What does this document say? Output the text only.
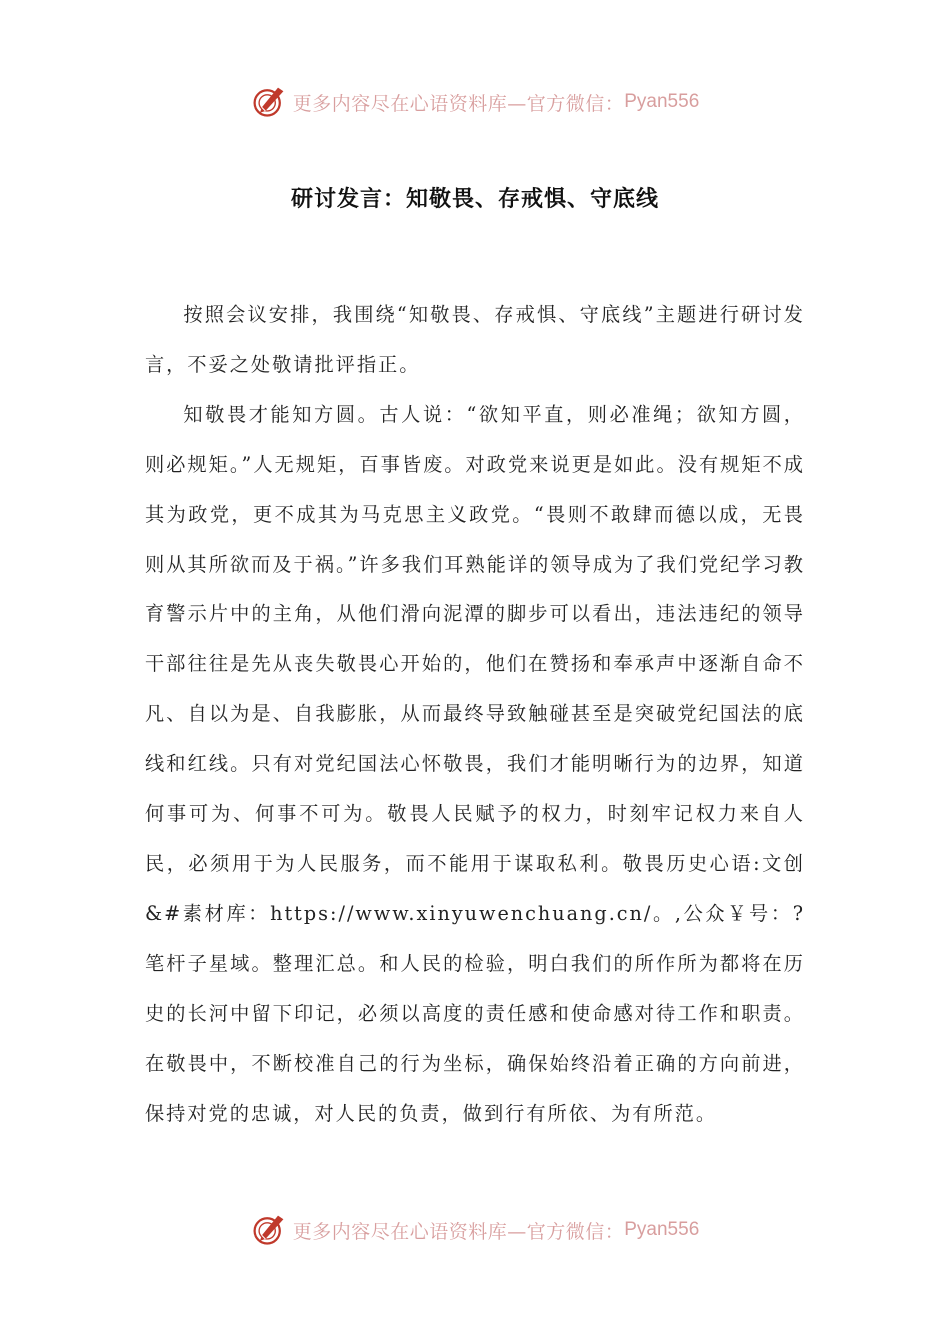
更多内容尽在心语资料库—官方微信： Pyan556
研讨发言：知敬畏、存戒惧、守底线

按照会议安排，我围绕“知敬畏、存戒惧、守底线”主题进行研讨发言，不妥之处敬请批评指正。

知敬畏才能知方圆。古人说：“欲知平直，则必准绳；欲知方圆，则必规矩。”人无规矩，百事皆废。对政党来说更是如此。没有规矩不成其为政党，更不成其为马克思主义政党。“畏则不敢肆而德以成，无畏则从其所欲而及于祸。”许多我们耳熟能详的领导成为了我们党纪学习教育警示片中的主角，从他们滑向泥潭的脚步可以看出，违法违纪的领导干部往往是先从丧失敬畏心开始的，他们在赞扬和奉承声中逐渐自命不凡、自以为是、自我膨胀，从而最终导致触碰甚至是突破党纪国法的底线和红线。只有对党纪国法心怀敬畏，我们才能明晰行为的边界，知道何事可为、何事不可为。敬畏人民赋予的权力，时刻牢记权力来自人民，必须用于为人民服务，而不能用于谋取私利。敬畏历史心语:文创&#素材库：https://www.xinyuwenchuang.cn/。,公众￥号：?笔杆子星域。整理汇总。和人民的检验，明白我们的所作所为都将在历史的长河中留下印记，必须以高度的责任感和使命感对待工作和职责。在敬畏中，不断校准自己的行为坐标，确保始终沿着正确的方向前进，保持对党的忠诚，对人民的负责，做到行有所依、为有所范。

更多内容尽在心语资料库—官方微信： Pyan556
